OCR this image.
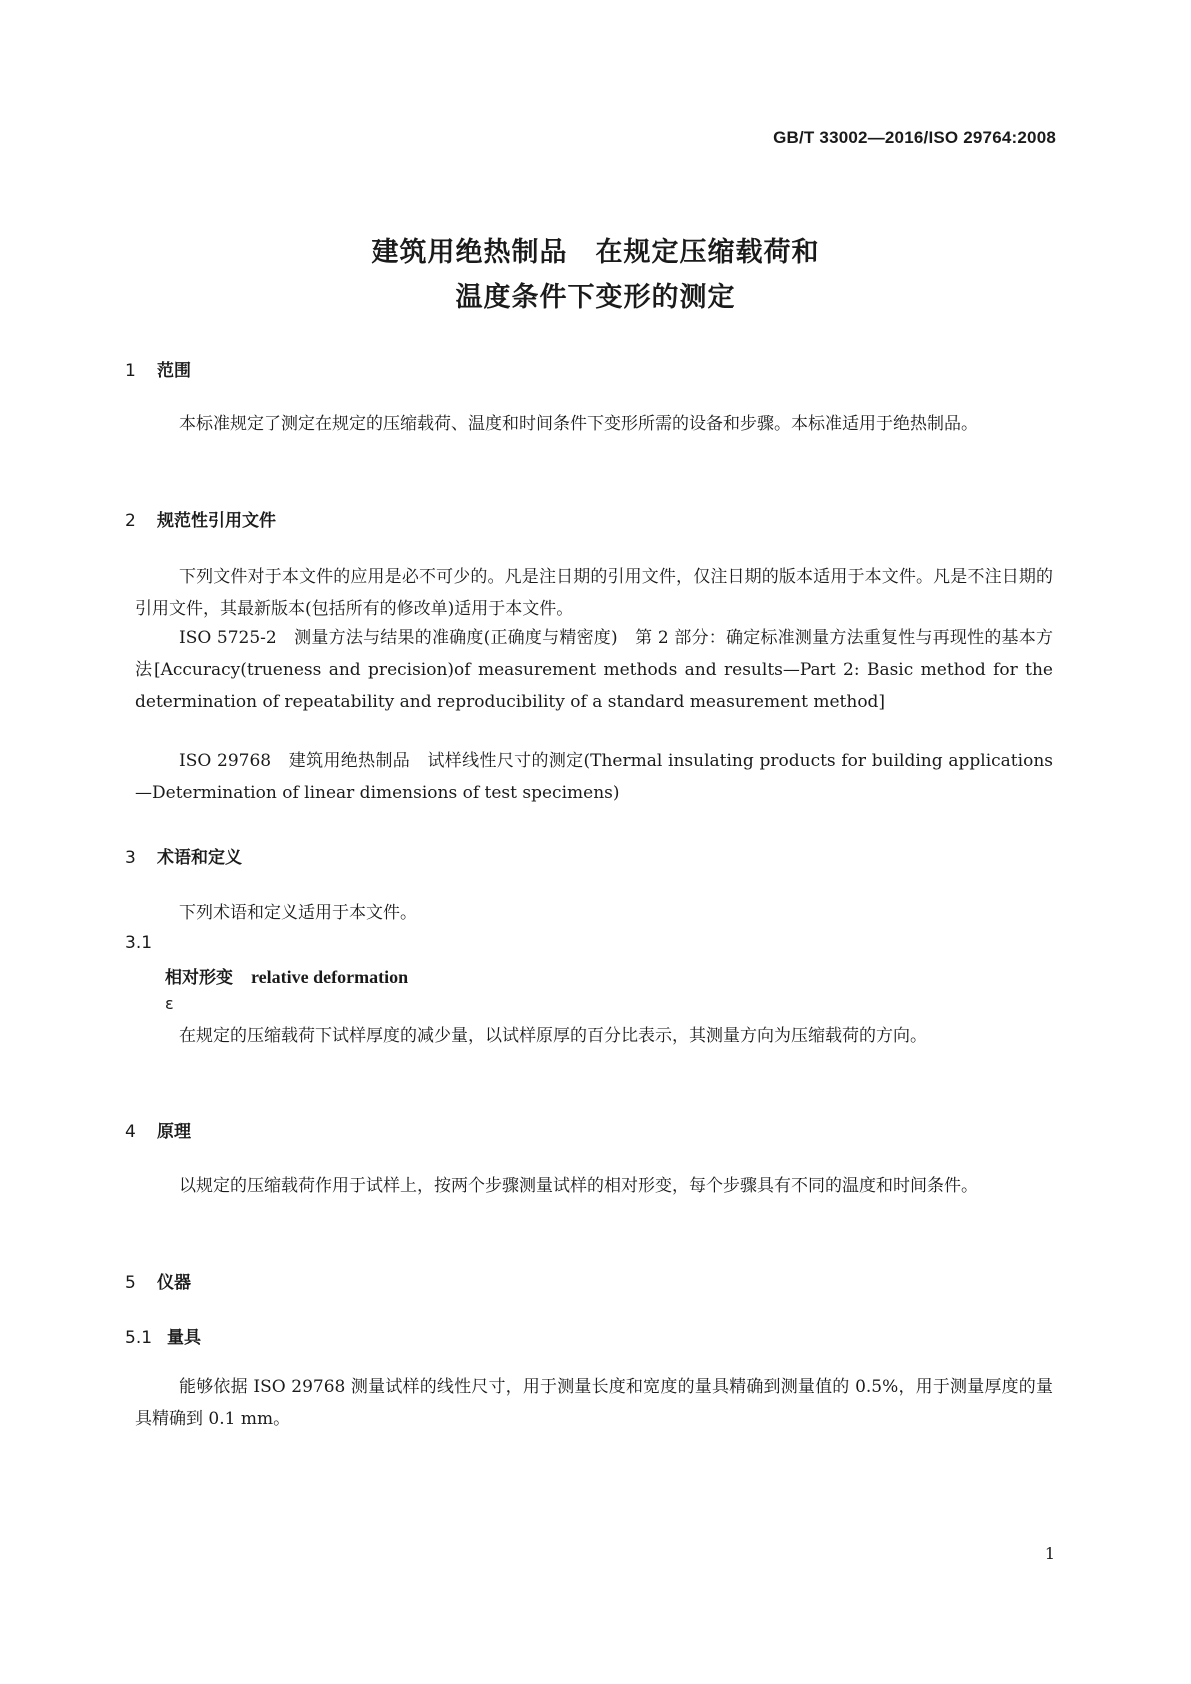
GB/T 33002—2016/ISO 29764:2008
建筑用绝热制品　在规定压缩载荷和
温度条件下变形的测定
1 范围
本标准规定了测定在规定的压缩载荷、温度和时间条件下变形所需的设备和步骤。本标准适用于绝热制品。
2 规范性引用文件
下列文件对于本文件的应用是必不可少的。凡是注日期的引用文件，仅注日期的版本适用于本文件。凡是不注日期的引用文件，其最新版本(包括所有的修改单)适用于本文件。
ISO 5725-2　测量方法与结果的准确度(正确度与精密度)　第 2 部分：确定标准测量方法重复性与再现性的基本方法[Accuracy(trueness and precision)of measurement methods and results—Part 2: Basic method for the determination of repeatability and reproducibility of a standard measurement method]
ISO 29768　建筑用绝热制品　试样线性尺寸的测定(Thermal insulating products for building applications—Determination of linear dimensions of test specimens)
3 术语和定义
下列术语和定义适用于本文件。
3.1
相对形变 relative deformation
ε
在规定的压缩载荷下试样厚度的减少量，以试样原厚的百分比表示，其测量方向为压缩载荷的方向。
4 原理
以规定的压缩载荷作用于试样上，按两个步骤测量试样的相对形变，每个步骤具有不同的温度和时间条件。
5 仪器
5.1 量具
能够依据 ISO 29768 测量试样的线性尺寸，用于测量长度和宽度的量具精确到测量值的 0.5%，用于测量厚度的量具精确到 0.1 mm。
1
